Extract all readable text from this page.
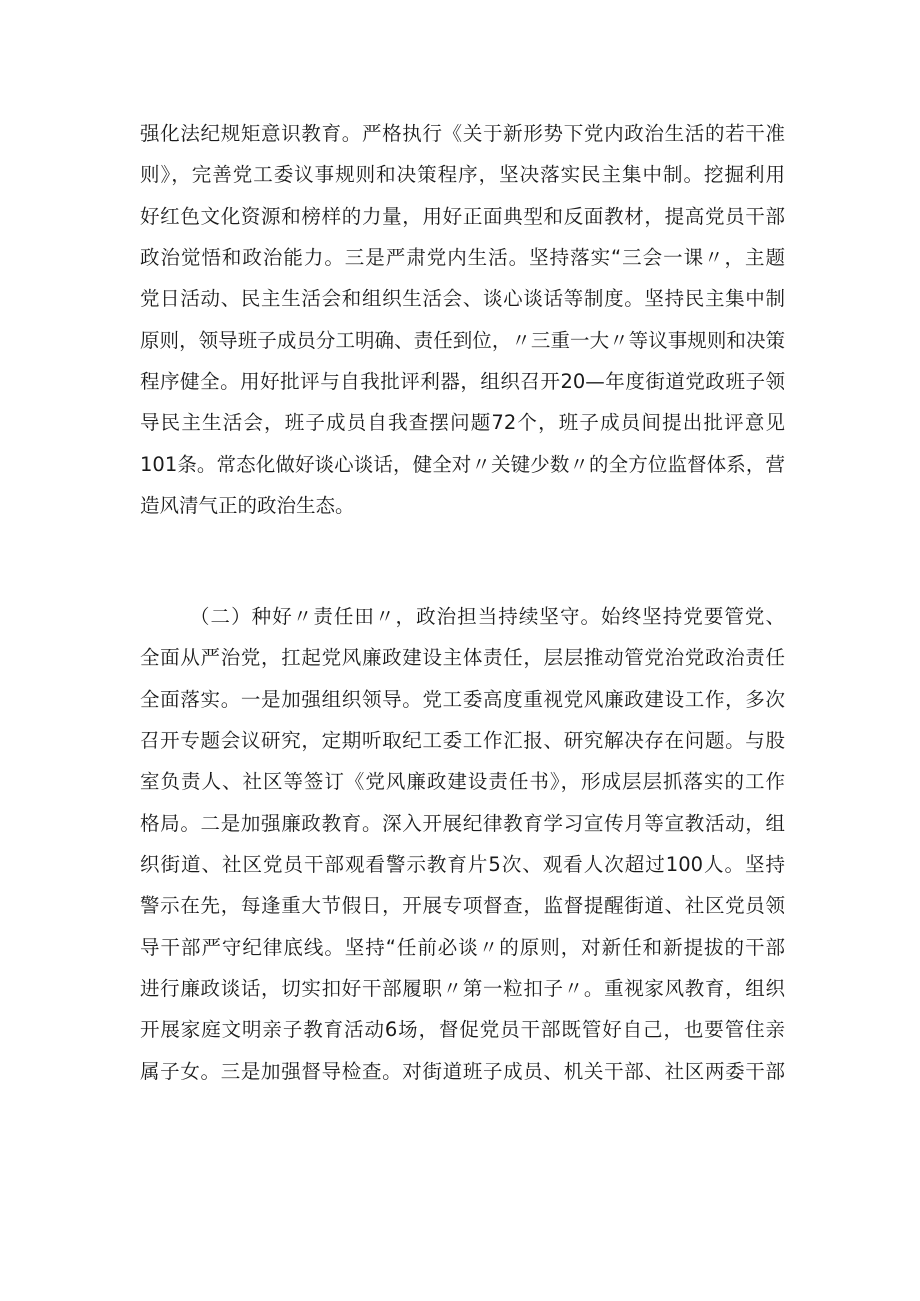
强化法纪规矩意识教育。严格执行《关于新形势下党内政治生活的若干准
则》，完善党工委议事规则和决策程序，坚决落实民主集中制。挖掘利用
好红色文化资源和榜样的力量，用好正面典型和反面教材，提高党员干部
政治觉悟和政治能力。三是严肃党内生活。坚持落实“三会一课〃，主题
党日活动、民主生活会和组织生活会、谈心谈话等制度。坚持民主集中制
原则，领导班子成员分工明确、责任到位，〃三重一大〃等议事规则和决策
程序健全。用好批评与自我批评利器，组织召开20—年度街道党政班子领
导民主生活会，班子成员自我查摆问题72个，班子成员间提出批评意见
101条。常态化做好谈心谈话，健全对〃关键少数〃的全方位监督体系，营
造风清气正的政治生态。
（二）种好〃责任田〃，政治担当持续坚守。始终坚持党要管党、
全面从严治党，扛起党风廉政建设主体责任，层层推动管党治党政治责任
全面落实。一是加强组织领导。党工委高度重视党风廉政建设工作，多次
召开专题会议研究，定期听取纪工委工作汇报、研究解决存在问题。与股
室负责人、社区等签订《党风廉政建设责任书》，形成层层抓落实的工作
格局。二是加强廉政教育。深入开展纪律教育学习宣传月等宣教活动，组
织街道、社区党员干部观看警示教育片5次、观看人次超过100人。坚持
警示在先，每逢重大节假日，开展专项督查，监督提醒街道、社区党员领
导干部严守纪律底线。坚持“任前必谈〃的原则，对新任和新提拔的干部
进行廉政谈话，切实扣好干部履职〃第一粒扣子〃。重视家风教育，组织
开展家庭文明亲子教育活动6场，督促党员干部既管好自己，也要管住亲
属子女。三是加强督导检查。对街道班子成员、机关干部、社区两委干部
